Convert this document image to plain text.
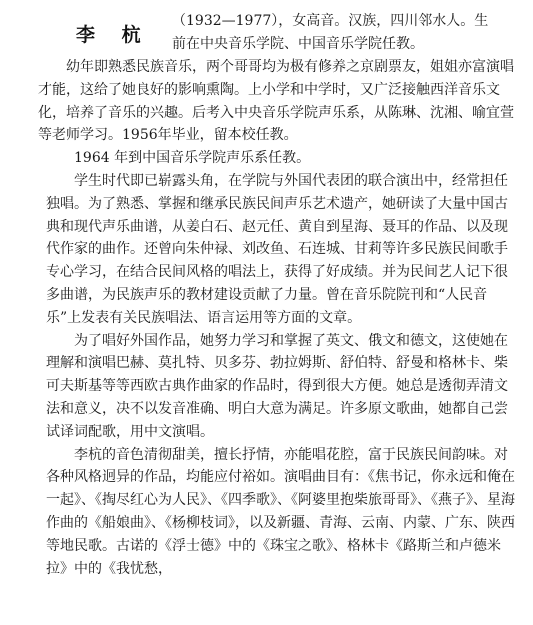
李 杭

（1932—1977），女高音。汉族，四川邻水人。生

前在中央音乐学院、中国音乐学院任教。

幼年即熟悉民族音乐，两个哥哥均为极有修养之京剧票友，姐姐亦富演唱才能，这给了她良好的影响熏陶。上小学和中学时，又广泛接触西洋音乐文化，培养了音乐的兴趣。后考入中央音乐学院声乐系，从陈琳、沈湘、喻宜萱等老师学习。1956年毕业，留本校任教。

1964 年到中国音乐学院声乐系任教。

学生时代即已崭露头角，在学院与外国代表团的联合演出中，经常担任独唱。为了熟悉、掌握和继承民族民间声乐艺术遗产，她研读了大量中国古典和现代声乐曲谱，从姜白石、赵元任、黄自到星海、聂耳的作品、以及现代作家的曲作。还曾向朱仲禄、刘改鱼、石连城、甘莉等许多民族民间歌手专心学习，在结合民间风格的唱法上，获得了好成绩。并为民间艺人记下很多曲谱，为民族声乐的教材建设贡献了力量。曾在音乐院院刊和“人民音乐”上发表有关民族唱法、语言运用等方面的文章。

为了唱好外国作品，她努力学习和掌握了英文、俄文和德文，这使她在理解和演唱巴赫、莫扎特、贝多芬、勃拉姆斯、舒伯特、舒曼和格林卡、柴可夫斯基等等西欧古典作曲家的作品时，得到很大方便。她总是透彻弄清文法和意义，决不以发音准确、明白大意为满足。许多原文歌曲，她都自己尝试译词配歌，用中文演唱。

李杭的音色清彻甜美，擅长抒情，亦能唱花腔，富于民族民间韵味。对各种风格迥异的作品，均能应付裕如。演唱曲目有：《焦书记，你永远和俺在一起》、《掏尽红心为人民》、《四季歌》、《阿婆里抱柴旅哥哥》、《燕子》、星海作曲的《船娘曲》、《杨柳枝词》，以及新疆、青海、云南、内蒙、广东、陕西等地民歌。古诺的《浮士德》中的《珠宝之歌》、格林卡《路斯兰和卢德米拉》中的《我忧愁，
